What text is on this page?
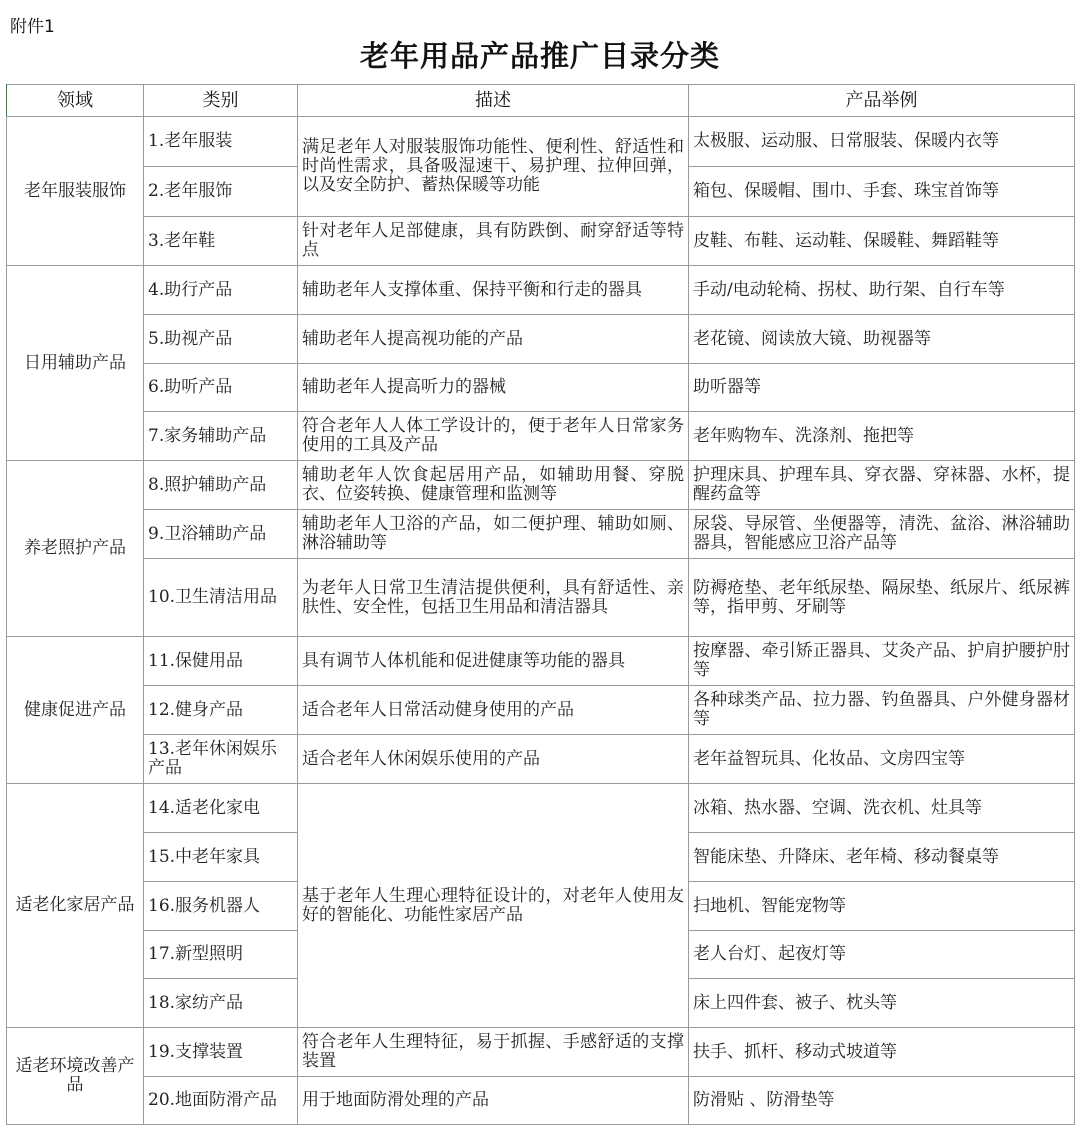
附件1
老年用品产品推广目录分类
领域	类别	描述	产品举例
老年服装服饰	1.老年服装	满足老年人对服装服饰功能性、便利性、舒适性和时尚性需求，具备吸湿速干、易护理、拉伸回弹，以及安全防护、蓄热保暖等功能	太极服、运动服、日常服装、保暖内衣等
	2.老年服饰		箱包、保暖帽、围巾、手套、珠宝首饰等
	3.老年鞋	针对老年人足部健康，具有防跌倒、耐穿舒适等特点	皮鞋、布鞋、运动鞋、保暖鞋、舞蹈鞋等
日用辅助产品	4.助行产品	辅助老年人支撑体重、保持平衡和行走的器具	手动/电动轮椅、拐杖、助行架、自行车等
	5.助视产品	辅助老年人提高视功能的产品	老花镜、阅读放大镜、助视器等
	6.助听产品	辅助老年人提高听力的器械	助听器等
	7.家务辅助产品	符合老年人人体工学设计的，便于老年人日常家务使用的工具及产品	老年购物车、洗涤剂、拖把等
养老照护产品	8.照护辅助产品	辅助老年人饮食起居用产品，如辅助用餐、穿脱衣、位姿转换、健康管理和监测等	护理床具、护理车具、穿衣器、穿袜器、水杯，提醒药盒等
	9.卫浴辅助产品	辅助老年人卫浴的产品，如二便护理、辅助如厕、淋浴辅助等	尿袋、导尿管、坐便器等，清洗、盆浴、淋浴辅助器具，智能感应卫浴产品等
	10.卫生清洁用品	为老年人日常卫生清洁提供便利，具有舒适性、亲肤性、安全性，包括卫生用品和清洁器具	防褥疮垫、老年纸尿垫、隔尿垫、纸尿片、纸尿裤等，指甲剪、牙刷等
健康促进产品	11.保健用品	具有调节人体机能和促进健康等功能的器具	按摩器、牵引矫正器具、艾灸产品、护肩护腰护肘等
	12.健身产品	适合老年人日常活动健身使用的产品	各种球类产品、拉力器、钓鱼器具、户外健身器材等
	13.老年休闲娱乐产品	适合老年人休闲娱乐使用的产品	老年益智玩具、化妆品、文房四宝等
适老化家居产品	14.适老化家电	基于老年人生理心理特征设计的，对老年人使用友好的智能化、功能性家居产品	冰箱、热水器、空调、洗衣机、灶具等
	15.中老年家具		智能床垫、升降床、老年椅、移动餐桌等
	16.服务机器人		扫地机、智能宠物等
	17.新型照明		老人台灯、起夜灯等
	18.家纺产品		床上四件套、被子、枕头等
适老环境改善产品	19.支撑装置	符合老年人生理特征，易于抓握、手感舒适的支撑装置	扶手、抓杆、移动式坡道等
	20.地面防滑产品	用于地面防滑处理的产品	防滑贴 、防滑垫等
